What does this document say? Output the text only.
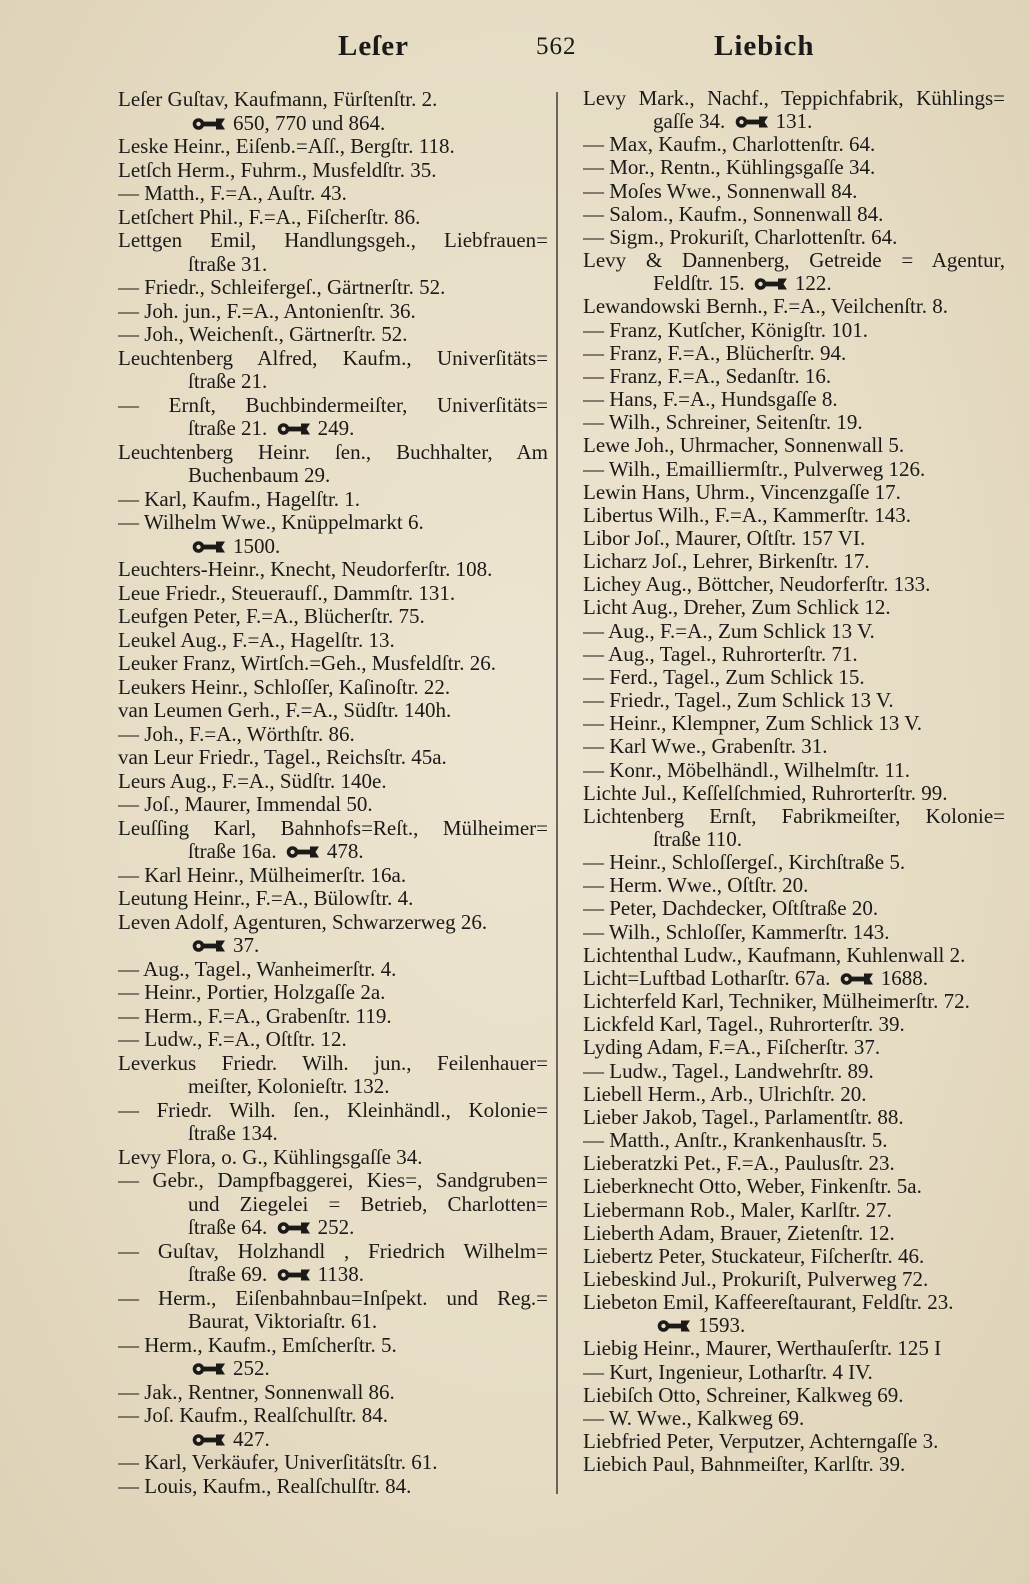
Leſer	562	Liebich
Leſer Guſtav, Kaufmann, Fürſtenſtr. 2.
650, 770 und 864.
Leske Heinr., Eiſenb.=Aſſ., Bergſtr. 118.
Letſch Herm., Fuhrm., Musfeldſtr. 35.
— Matth., F.=A., Auſtr. 43.
Letſchert Phil., F.=A., Fiſcherſtr. 86.
Lettgen Emil, Handlungsgeh., Liebfrauen=
ſtraße 31.
— Friedr., Schleifergeſ., Gärtnerſtr. 52.
— Joh. jun., F.=A., Antonienſtr. 36.
— Joh., Weichenſt., Gärtnerſtr. 52.
Leuchtenberg Alfred, Kaufm., Univerſitäts=
ſtraße 21.
— Ernſt, Buchbindermeiſter, Univerſitäts=
ſtraße 21. 249.
Leuchtenberg Heinr. ſen., Buchhalter, Am
Buchenbaum 29.
— Karl, Kaufm., Hagelſtr. 1.
— Wilhelm Wwe., Knüppelmarkt 6.
1500.
Leuchters-Heinr., Knecht, Neudorferſtr. 108.
Leue Friedr., Steueraufſ., Dammſtr. 131.
Leufgen Peter, F.=A., Blücherſtr. 75.
Leukel Aug., F.=A., Hagelſtr. 13.
Leuker Franz, Wirtſch.=Geh., Musfeldſtr. 26.
Leukers Heinr., Schloſſer, Kaſinoſtr. 22.
van Leumen Gerh., F.=A., Südſtr. 140h.
— Joh., F.=A., Wörthſtr. 86.
van Leur Friedr., Tagel., Reichsſtr. 45a.
Leurs Aug., F.=A., Südſtr. 140e.
— Joſ., Maurer, Immendal 50.
Leuſſing Karl, Bahnhofs=Reſt., Mülheimer=
ſtraße 16a. 478.
— Karl Heinr., Mülheimerſtr. 16a.
Leutung Heinr., F.=A., Bülowſtr. 4.
Leven Adolf, Agenturen, Schwarzerweg 26.
37.
— Aug., Tagel., Wanheimerſtr. 4.
— Heinr., Portier, Holzgaſſe 2a.
— Herm., F.=A., Grabenſtr. 119.
— Ludw., F.=A., Oſtſtr. 12.
Leverkus Friedr. Wilh. jun., Feilenhauer=
meiſter, Kolonieſtr. 132.
— Friedr. Wilh. ſen., Kleinhändl., Kolonie=
ſtraße 134.
Levy Flora, o. G., Kühlingsgaſſe 34.
— Gebr., Dampfbaggerei, Kies=, Sandgruben=
und Ziegelei = Betrieb, Charlotten=
ſtraße 64. 252.
— Guſtav, Holzhandl , Friedrich Wilhelm=
ſtraße 69. 1138.
— Herm., Eiſenbahnbau=Inſpekt. und Reg.=
Baurat, Viktoriaſtr. 61.
— Herm., Kaufm., Emſcherſtr. 5.
252.
— Jak., Rentner, Sonnenwall 86.
— Joſ. Kaufm., Realſchulſtr. 84.
427.
— Karl, Verkäufer, Univerſitätsſtr. 61.
— Louis, Kaufm., Realſchulſtr. 84.
Levy Mark., Nachf., Teppichfabrik, Kühlings=
gaſſe 34. 131.
— Max, Kaufm., Charlottenſtr. 64.
— Mor., Rentn., Kühlingsgaſſe 34.
— Moſes Wwe., Sonnenwall 84.
— Salom., Kaufm., Sonnenwall 84.
— Sigm., Prokuriſt, Charlottenſtr. 64.
Levy & Dannenberg, Getreide = Agentur,
Feldſtr. 15. 122.
Lewandowski Bernh., F.=A., Veilchenſtr. 8.
— Franz, Kutſcher, Königſtr. 101.
— Franz, F.=A., Blücherſtr. 94.
— Franz, F.=A., Sedanſtr. 16.
— Hans, F.=A., Hundsgaſſe 8.
— Wilh., Schreiner, Seitenſtr. 19.
Lewe Joh., Uhrmacher, Sonnenwall 5.
— Wilh., Emailliermſtr., Pulverweg 126.
Lewin Hans, Uhrm., Vincenzgaſſe 17.
Libertus Wilh., F.=A., Kammerſtr. 143.
Libor Joſ., Maurer, Oſtſtr. 157 VI.
Licharz Joſ., Lehrer, Birkenſtr. 17.
Lichey Aug., Böttcher, Neudorferſtr. 133.
Licht Aug., Dreher, Zum Schlick 12.
— Aug., F.=A., Zum Schlick 13 V.
— Aug., Tagel., Ruhrorterſtr. 71.
— Ferd., Tagel., Zum Schlick 15.
— Friedr., Tagel., Zum Schlick 13 V.
— Heinr., Klempner, Zum Schlick 13 V.
— Karl Wwe., Grabenſtr. 31.
— Konr., Möbelhändl., Wilhelmſtr. 11.
Lichte Jul., Keſſelſchmied, Ruhrorterſtr. 99.
Lichtenberg Ernſt, Fabrikmeiſter, Kolonie=
ſtraße 110.
— Heinr., Schloſſergeſ., Kirchſtraße 5.
— Herm. Wwe., Oſtſtr. 20.
— Peter, Dachdecker, Oſtſtraße 20.
— Wilh., Schloſſer, Kammerſtr. 143.
Lichtenthal Ludw., Kaufmann, Kuhlenwall 2.
Licht=Luftbad Lotharſtr. 67a. 1688.
Lichterfeld Karl, Techniker, Mülheimerſtr. 72.
Lickfeld Karl, Tagel., Ruhrorterſtr. 39.
Lyding Adam, F.=A., Fiſcherſtr. 37.
— Ludw., Tagel., Landwehrſtr. 89.
Liebell Herm., Arb., Ulrichſtr. 20.
Lieber Jakob, Tagel., Parlamentſtr. 88.
— Matth., Anſtr., Krankenhausſtr. 5.
Lieberatzki Pet., F.=A., Paulusſtr. 23.
Lieberknecht Otto, Weber, Finkenſtr. 5a.
Liebermann Rob., Maler, Karlſtr. 27.
Lieberth Adam, Brauer, Zietenſtr. 12.
Liebertz Peter, Stuckateur, Fiſcherſtr. 46.
Liebeskind Jul., Prokuriſt, Pulverweg 72.
Liebeton Emil, Kaffeereſtaurant, Feldſtr. 23.
1593.
Liebig Heinr., Maurer, Werthauſerſtr. 125 I
— Kurt, Ingenieur, Lotharſtr. 4 IV.
Liebiſch Otto, Schreiner, Kalkweg 69.
— W. Wwe., Kalkweg 69.
Liebfried Peter, Verputzer, Achterngaſſe 3.
Liebich Paul, Bahnmeiſter, Karlſtr. 39.
